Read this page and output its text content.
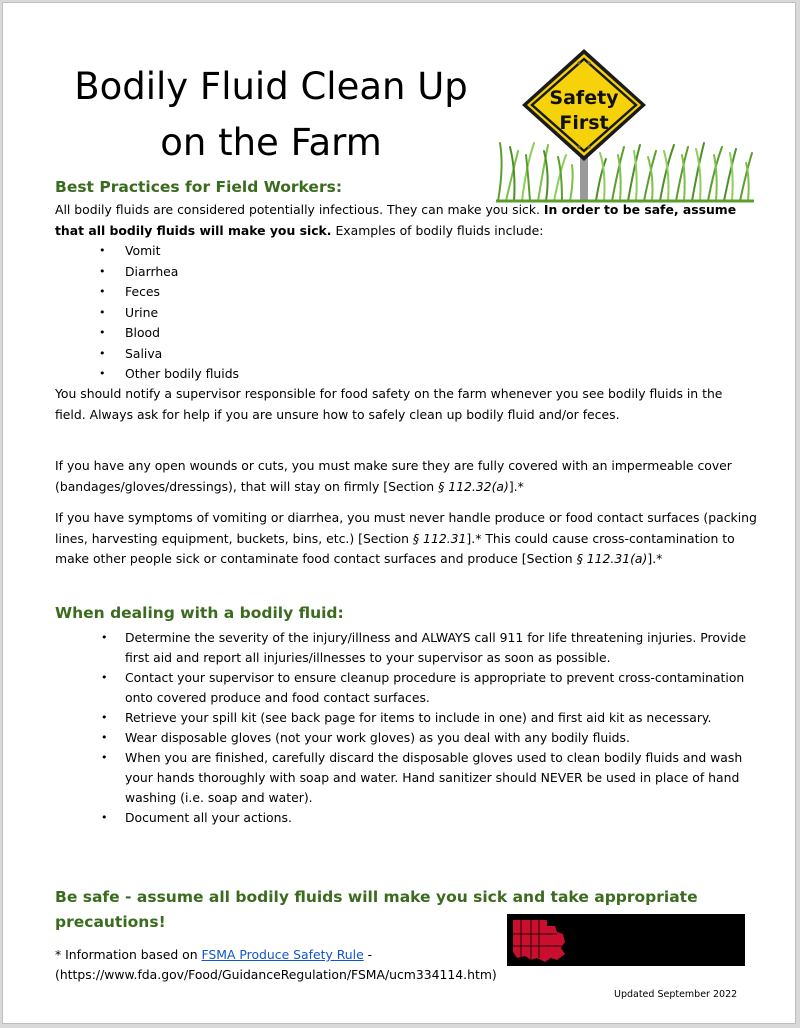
Bodily Fluid Clean Up
on the Farm
Safety
First
Best Practices for Field Workers:
All bodily fluids are considered potentially infectious. They can make you sick. In order to be safe, assume that all bodily fluids will make you sick. Examples of bodily fluids include:
• Vomit
• Diarrhea
• Feces
• Urine
• Blood
• Saliva
• Other bodily fluids
You should notify a supervisor responsible for food safety on the farm whenever you see bodily fluids in the field. Always ask for help if you are unsure how to safely clean up bodily fluid and/or feces.
If you have any open wounds or cuts, you must make sure they are fully covered with an impermeable cover (bandages/gloves/dressings), that will stay on firmly [Section § 112.32(a)].*
If you have symptoms of vomiting or diarrhea, you must never handle produce or food contact surfaces (packing lines, harvesting equipment, buckets, bins, etc.) [Section § 112.31].* This could cause cross-contamination to make other people sick or contaminate food contact surfaces and produce [Section § 112.31(a)].*
When dealing with a bodily fluid:
• Determine the severity of the injury/illness and ALWAYS call 911 for life threatening injuries. Provide first aid and report all injuries/illnesses to your supervisor as soon as possible.
• Contact your supervisor to ensure cleanup procedure is appropriate to prevent cross-contamination onto covered produce and food contact surfaces.
• Retrieve your spill kit (see back page for items to include in one) and first aid kit as necessary.
• Wear disposable gloves (not your work gloves) as you deal with any bodily fluids.
• When you are finished, carefully discard the disposable gloves used to clean bodily fluids and wash your hands thoroughly with soap and water. Hand sanitizer should NEVER be used in place of hand washing (i.e. soap and water).
• Document all your actions.
Be safe - assume all bodily fluids will make you sick and take appropriate precautions!
* Information based on FSMA Produce Safety Rule -
(https://www.fda.gov/Food/GuidanceRegulation/FSMA/ucm334114.htm)
Updated September 2022
